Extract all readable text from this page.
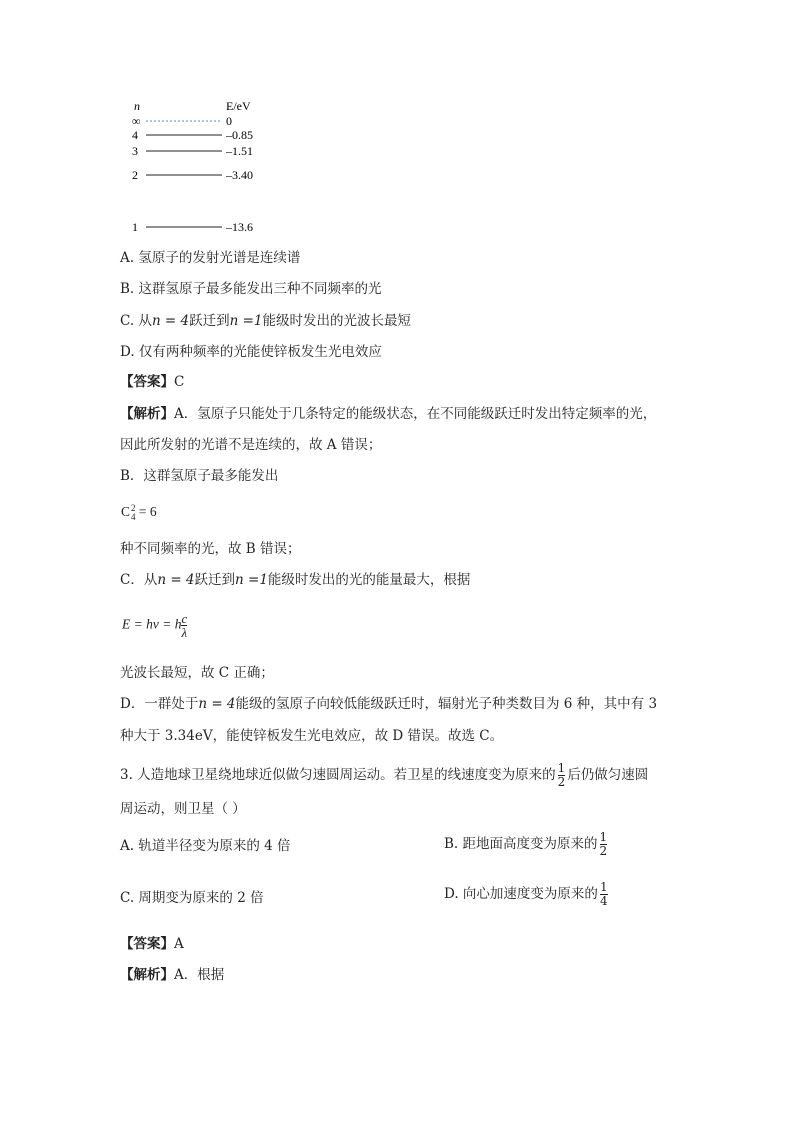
n	E/eV
∞	0
4	–0.85
3	–1.51
2	–3.40
1	–13.6
A. 氢原子的发射光谱是连续谱
B. 这群氢原子最多能发出三种不同频率的光
C. 从n = 4跃迁到n =1能级时发出的光波长最短
D. 仅有两种频率的光能使锌板发生光电效应
【答案】C
【解析】A．氢原子只能处于几条特定的能级状态，在不同能级跃迁时发出特定频率的光，
因此所发射的光谱不是连续的，故 A 错误；
B．这群氢原子最多能发出
C 2
4 = 6
种不同频率的光，故 B 错误；
C．从n = 4跃迁到n =1能级时发出的光的能量最大，根据
E = hν = h $\frac{c}{\lambda}$
光波长最短，故 C 正确；
D．一群处于n = 4能级的氢原子向较低能级跃迁时，辐射光子种类数目为 6 种，其中有 3
种大于 3.34eV，能使锌板发生光电效应，故 D 错误。故选 C。
3. 人造地球卫星绕地球近似做匀速圆周运动。若卫星的线速度变为原来的 $\frac{1}{2}$ 后仍做匀速圆
周运动，则卫星（ ）
A. 轨道半径变为原来的 4 倍	B. 距地面高度变为原来的 $\frac{1}{2}$
C. 周期变为原来的 2 倍	D. 向心加速度变为原来的 $\frac{1}{4}$
【答案】A
【解析】A．根据
